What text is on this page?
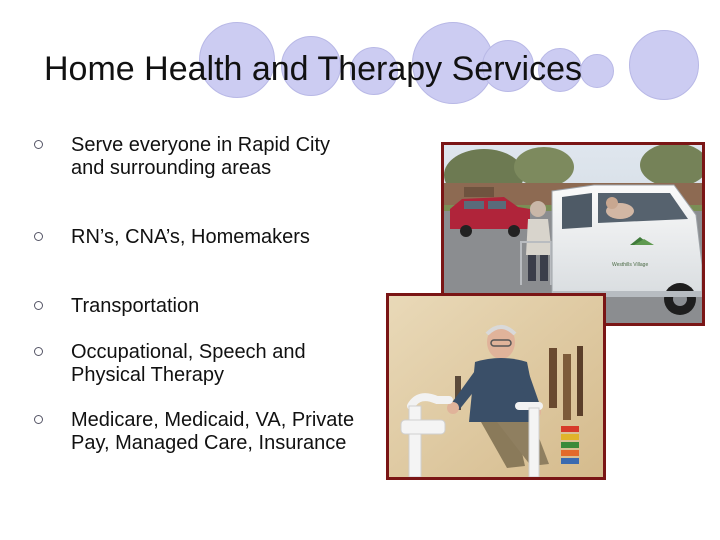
Home Health and Therapy Services
Serve everyone in Rapid City and surrounding areas
RN’s, CNA’s, Homemakers
Transportation
Occupational, Speech and Physical Therapy
Medicare, Medicaid, VA, Private Pay, Managed Care, Insurance
Westhills Village
